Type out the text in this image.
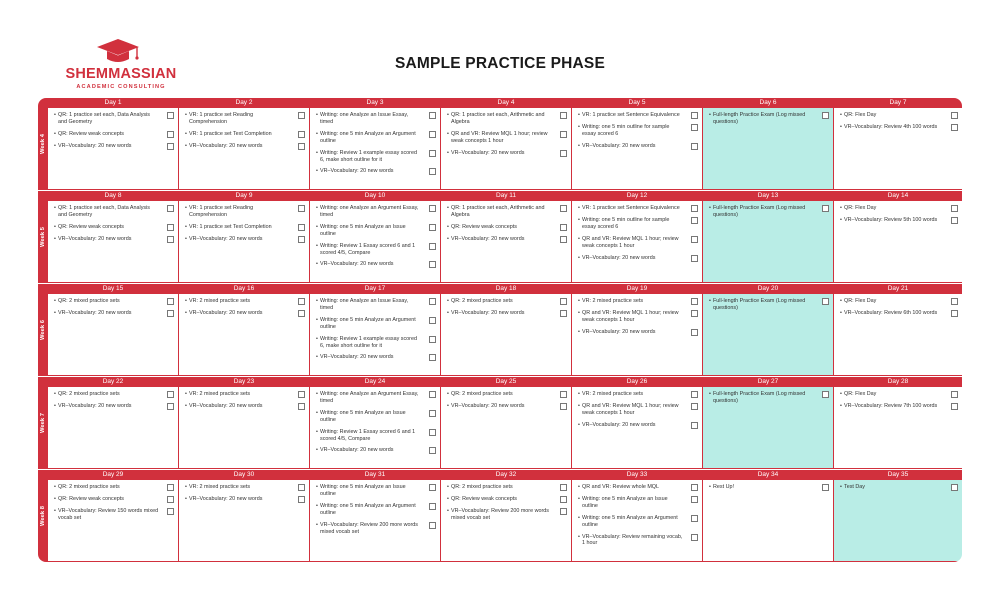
SHEMMASSIAN
ACADEMIC CONSULTING
SAMPLE PRACTICE PHASE
Week 4
Day 1
• QR: 1 practice set each, Data Analysis and Geometry
• QR: Review weak concepts
• VR–Vocabulary: 20 new words
Day 2
• VR: 1 practice set Reading Comprehension
• VR: 1 practice set Text Completion
• VR–Vocabulary: 20 new words
Day 3
• Writing: one Analyze an Issue Essay, timed
• Writing: one 5 min Analyze an Argument outline
• Writing: Review 1 example essay scored 6, make short outline for it
• VR–Vocabulary: 20 new words
Day 4
• QR: 1 practice set each, Arithmetic and Algebra
• QR and VR: Review MQL 1 hour; review weak concepts 1 hour
• VR–Vocabulary: 20 new words
Day 5
• VR: 1 practice set Sentence Equivalence
• Writing: one 5 min outline for sample essay scored 6
• VR–Vocabulary: 20 new words
Day 6
• Full-length Practice Exam (Log missed questions)
Day 7
• QR: Flex Day
• VR–Vocabulary: Review 4th 100 words
Week 5
Day 8
• QR: 1 practice set each, Data Analysis and Geometry
• QR: Review weak concepts
• VR–Vocabulary: 20 new words
Day 9
• VR: 1 practice set Reading Comprehension
• VR: 1 practice set Text Completion
• VR–Vocabulary: 20 new words
Day 10
• Writing: one Analyze an Argument Essay, timed
• Writing: one 5 min Analyze an Issue outline
• Writing: Review 1 Essay scored 6 and 1 scored 4/5, Compare
• VR–Vocabulary: 20 new words
Day 11
• QR: 1 practice set each, Arithmetic and Algebra
• QR: Review weak concepts
• VR–Vocabulary: 20 new words
Day 12
• VR: 1 practice set Sentence Equivalence
• Writing: one 5 min outline for sample essay scored 6
• QR and VR: Review MQL 1 hour; review weak concepts 1 hour
• VR–Vocabulary: 20 new words
Day 13
• Full-length Practice Exam (Log missed questions)
Day 14
• QR: Flex Day
• VR–Vocabulary: Review 5th 100 words
Week 6
Day 15
• QR: 2 mixed practice sets
• VR–Vocabulary: 20 new words
Day 16
• VR: 2 mixed practice sets
• VR–Vocabulary: 20 new words
Day 17
• Writing: one Analyze an Issue Essay, timed
• Writing: one 5 min Analyze an Argument outline
• Writing: Review 1 example essay scored 6, make short outline for it
• VR–Vocabulary: 20 new words
Day 18
• QR: 2 mixed practice sets
• VR–Vocabulary: 20 new words
Day 19
• VR: 2 mixed practice sets
• QR and VR: Review MQL 1 hour; review weak concepts 1 hour
• VR–Vocabulary: 20 new words
Day 20
• Full-length Practice Exam (Log missed questions)
Day 21
• QR: Flex Day
• VR–Vocabulary: Review 6th 100 words
Week 7
Day 22
• QR: 2 mixed practice sets
• VR–Vocabulary: 20 new words
Day 23
• VR: 2 mixed practice sets
• VR–Vocabulary: 20 new words
Day 24
• Writing: one Analyze an Argument Essay, timed
• Writing: one 5 min Analyze an Issue outline
• Writing: Review 1 Essay scored 6 and 1 scored 4/5, Compare
• VR–Vocabulary: 20 new words
Day 25
• QR: 2 mixed practice sets
• VR–Vocabulary: 20 new words
Day 26
• VR: 2 mixed practice sets
• QR and VR: Review MQL 1 hour; review weak concepts 1 hour
• VR–Vocabulary: 20 new words
Day 27
• Full-length Practice Exam (Log missed questions)
Day 28
• QR: Flex Day
• VR–Vocabulary: Review 7th 100 words
Week 8
Day 29
• QR: 2 mixed practice sets
• QR: Review weak concepts
• VR–Vocabulary: Review 150 words mixed vocab set
Day 30
• VR: 2 mixed practice sets
• VR–Vocabulary: 20 new words
Day 31
• Writing: one 5 min Analyze an Issue outline
• Writing: one 5 min Analyze an Argument outline
• VR–Vocabulary: Review 200 more words mixed vocab set
Day 32
• QR: 2 mixed practice sets
• QR: Review weak concepts
• VR–Vocabulary: Review 200 more words mixed vocab set
Day 33
• QR and VR: Review whole MQL
• Writing: one 5 min Analyze an Issue outline
• Writing: one 5 min Analyze an Argument outline
• VR–Vocabulary: Review remaining vocab, 1 hour
Day 34
• Rest Up!
Day 35
• Test Day
